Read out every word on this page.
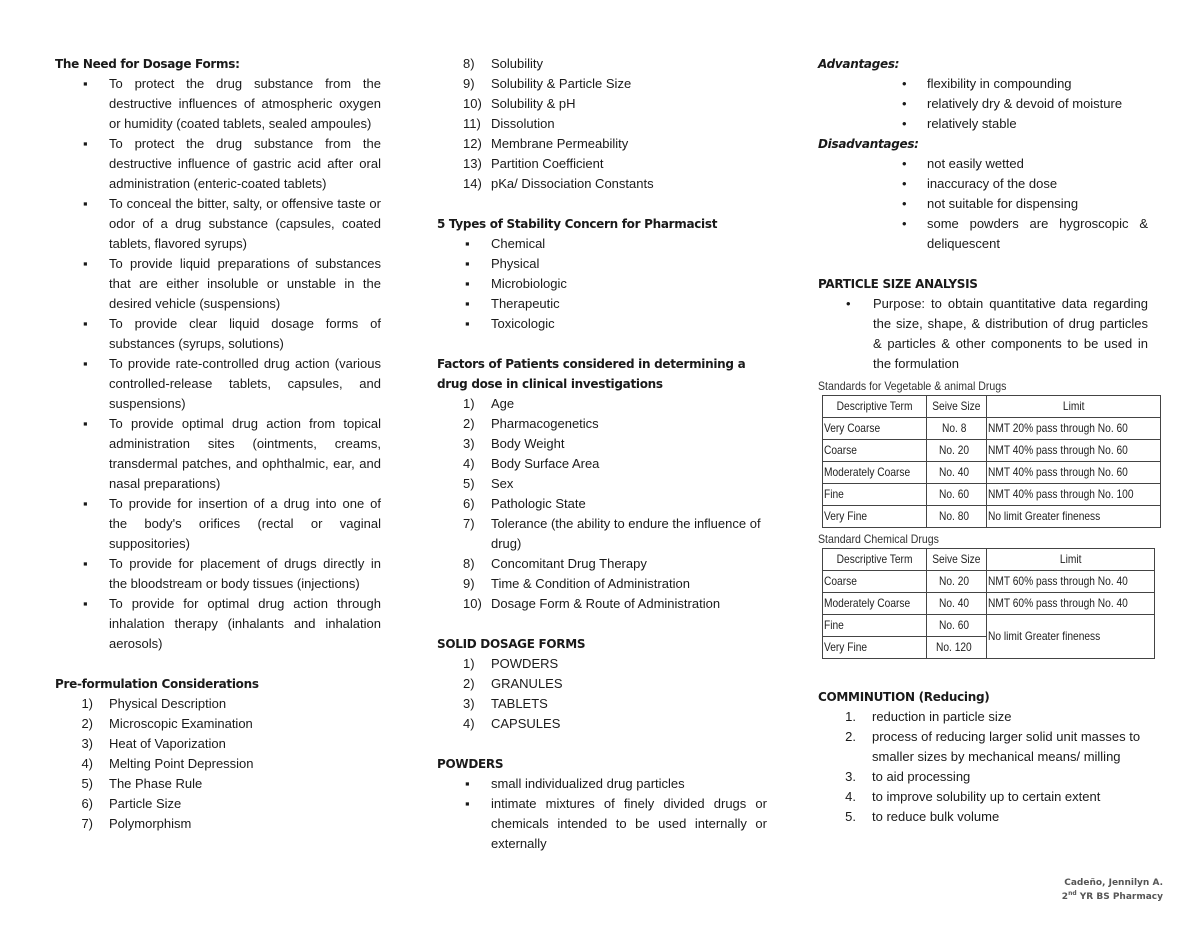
The Need for Dosage Forms:

▪ To protect the drug substance from the destructive influences of atmospheric oxygen or humidity (coated tablets, sealed ampoules)
▪ To protect the drug substance from the destructive influence of gastric acid after oral administration (enteric-coated tablets)
▪ To conceal the bitter, salty, or offensive taste or odor of a drug substance (capsules, coated tablets, flavored syrups)
▪ To provide liquid preparations of substances that are either insoluble or unstable in the desired vehicle (suspensions)
▪ To provide clear liquid dosage forms of substances (syrups, solutions)
▪ To provide rate-controlled drug action (various controlled-release tablets, capsules, and suspensions)
▪ To provide optimal drug action from topical administration sites (ointments, creams, transdermal patches, and ophthalmic, ear, and nasal preparations)
▪ To provide for insertion of a drug into one of the body's orifices (rectal or vaginal suppositories)
▪ To provide for placement of drugs directly in the bloodstream or body tissues (injections)
▪ To provide for optimal drug action through inhalation therapy (inhalants and inhalation aerosols)

Pre-formulation Considerations

1) Physical Description
2) Microscopic Examination
3) Heat of Vaporization
4) Melting Point Depression
5) The Phase Rule
6) Particle Size
7) Polymorphism
8)	Solubility
9)	Solubility & Particle Size
10) Solubility & pH
11) Dissolution
12) Membrane Permeability
13) Partition Coefficient
14) pKa/ Dissociation Constants

5 Types of Stability Concern for Pharmacist

▪ Chemical
▪ Physical
▪ Microbiologic
▪ Therapeutic
▪ Toxicologic

Factors of Patients considered in determining a drug dose in clinical investigations

1)	Age
2)	Pharmacogenetics
3)	Body Weight
4)	Body Surface Area
5)	Sex
6)	Pathologic State
7)	Tolerance (the ability to endure the influence of drug)
8)	Concomitant Drug Therapy
9)	Time & Condition of Administration
10) Dosage Form & Route of Administration

SOLID DOSAGE FORMS

1)	POWDERS
2)	GRANULES
3)	TABLETS
4)	CAPSULES

POWDERS

▪ small individualized drug particles
▪ intimate mixtures of finely divided drugs or chemicals intended to be used internally or externally

Advantages:

• flexibility in compounding
• relatively dry & devoid of moisture
• relatively stable

Disadvantages:

• not easily wetted
• inaccuracy of the dose
• not suitable for dispensing
• some powders are hygroscopic & deliquescent

PARTICLE SIZE ANALYSIS

• Purpose: to obtain quantitative data regarding the size, shape, & distribution of drug particles & particles & other components to be used in the formulation

Standards for Vegetable & animal Drugs

Descriptive Term	Seive Size	Limit
Very Coarse	No. 8	NMT 20% pass through No. 60
Coarse	No. 20	NMT 40% pass through No. 60
Moderately Coarse	No. 40	NMT 40% pass through No. 60
Fine	No. 60	NMT 40% pass through No. 100
Very Fine	No. 80	No limit Greater fineness

Standard Chemical Drugs

Descriptive Term	Seive Size	Limit
Coarse	No. 20	NMT 60% pass through No. 40
Moderately Coarse	No. 40	NMT 60% pass through No. 40
Fine	No. 60	No limit Greater fineness
Very Fine	No. 120	

COMMINUTION (Reducing)

1. reduction in particle size
2. process of reducing larger solid unit masses to smaller sizes by mechanical means/ milling
3. to aid processing
4. to improve solubility up to certain extent
5. to reduce bulk volume
Cadeño, Jennilyn A.
2nd YR BS Pharmacy
